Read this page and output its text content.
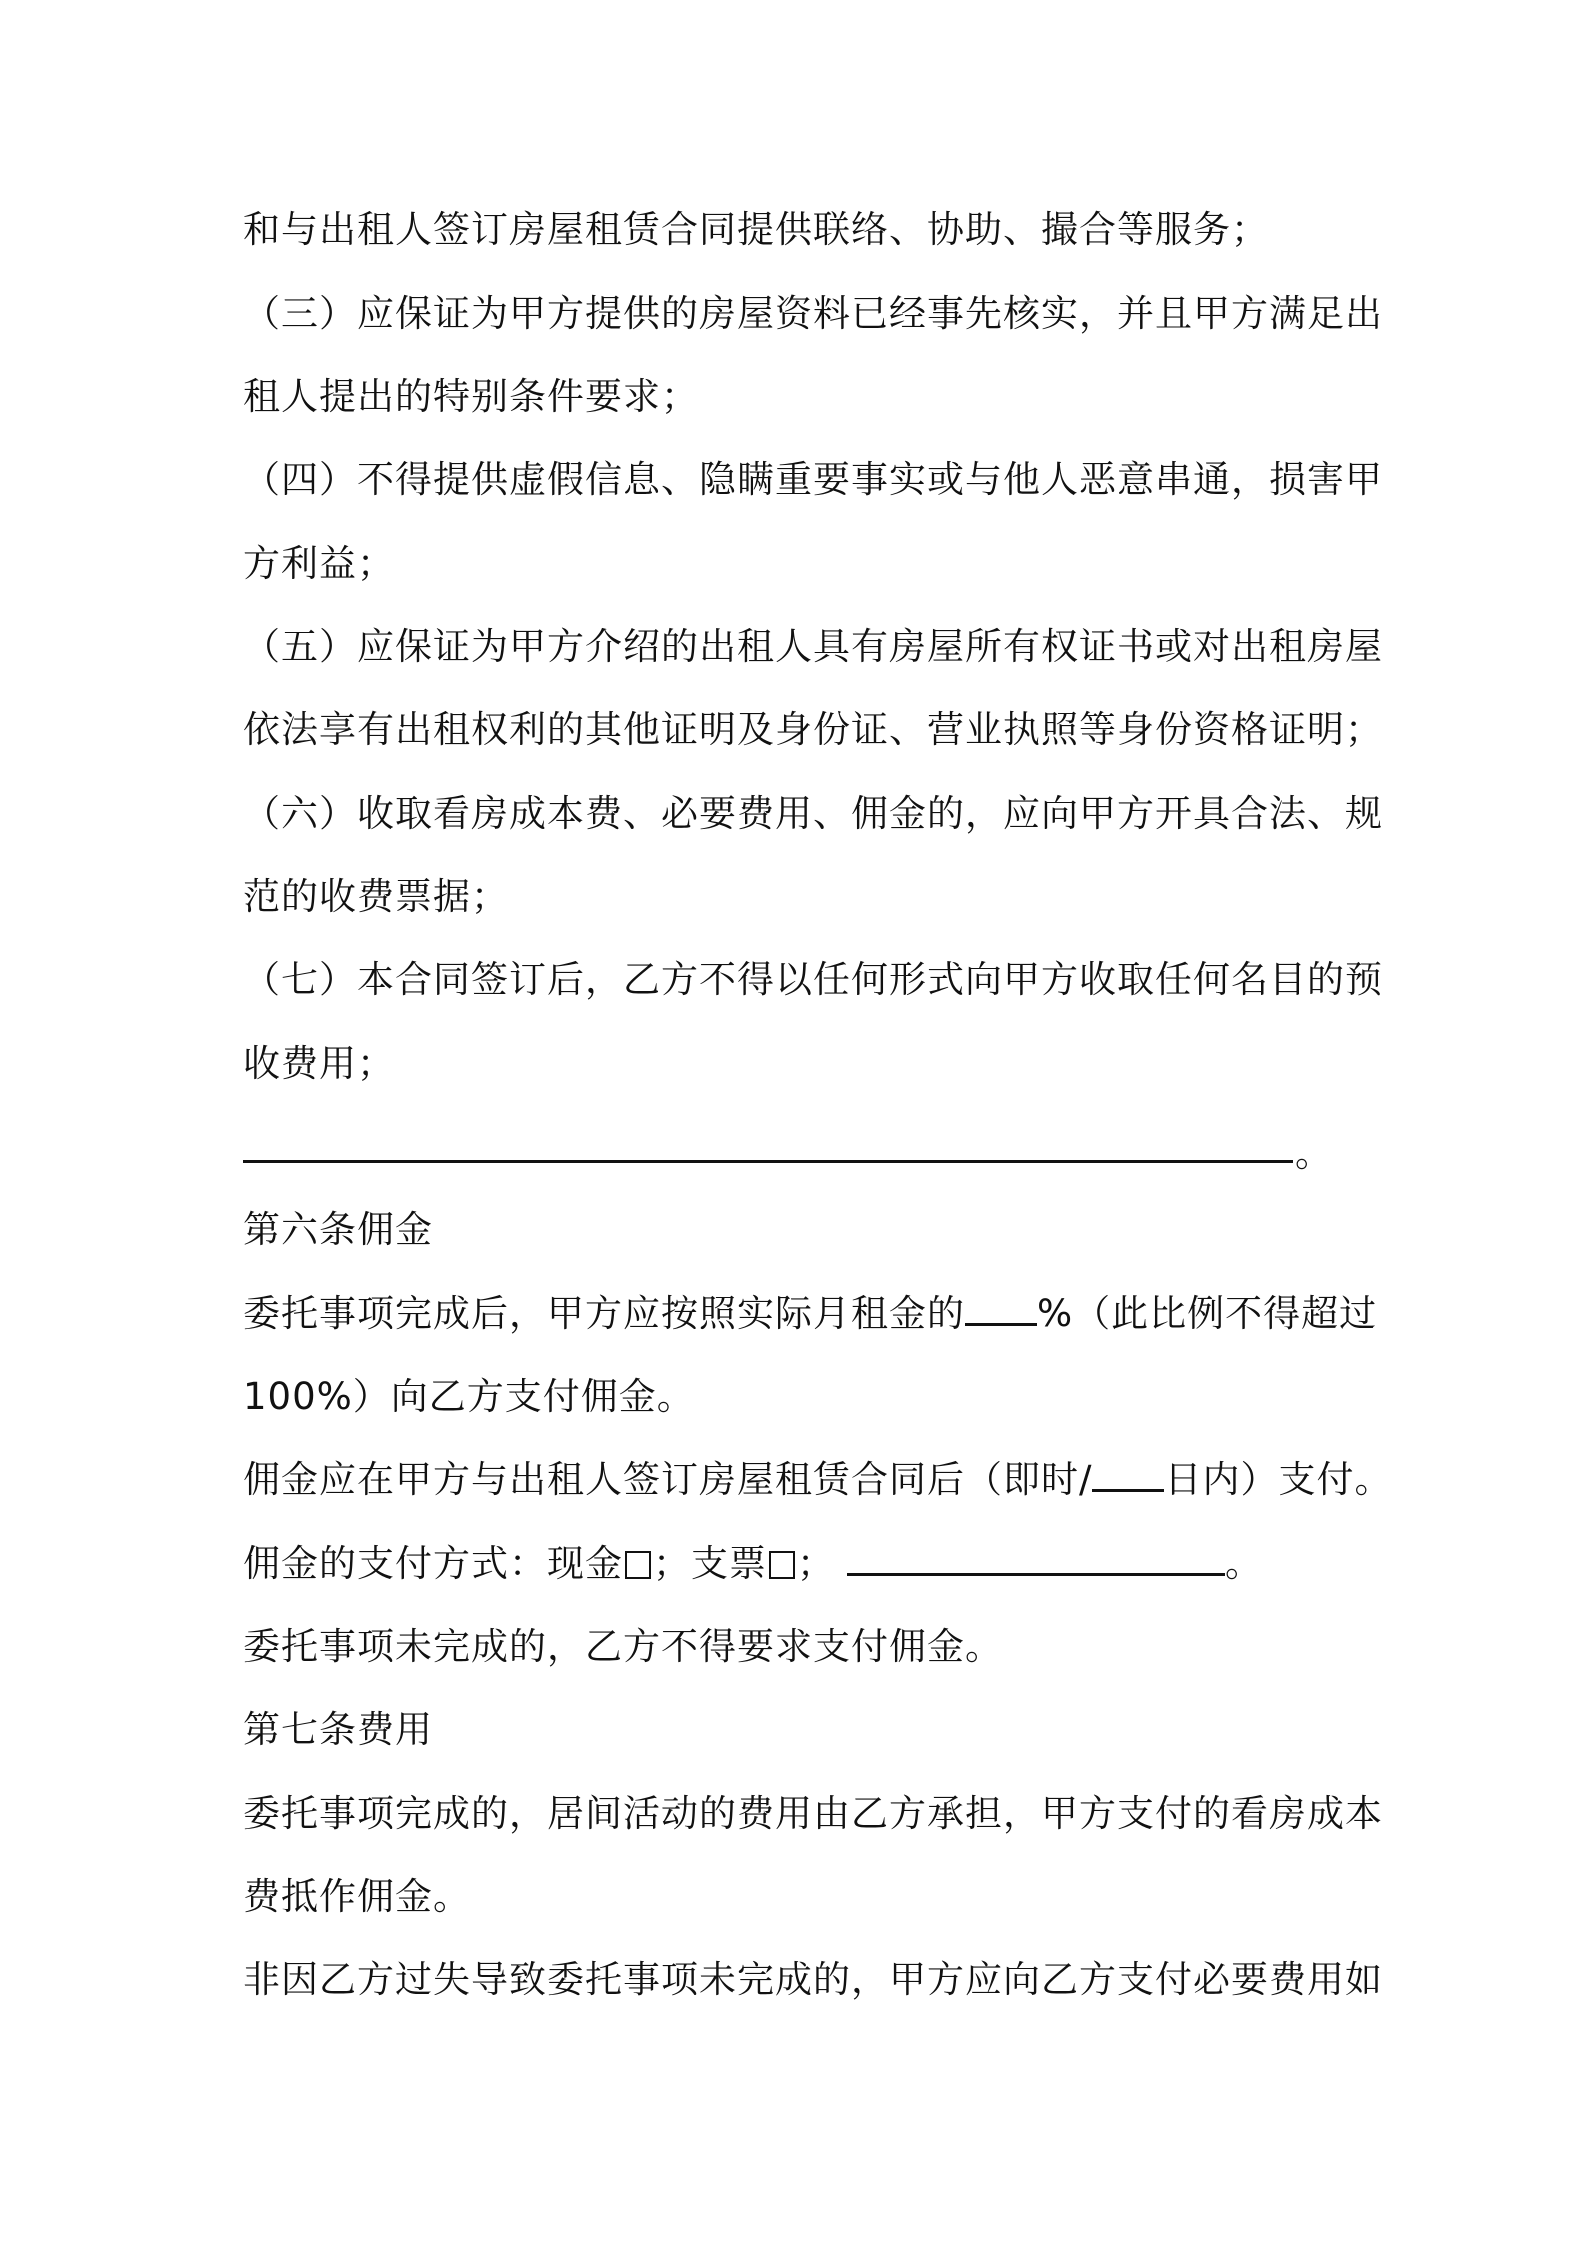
和与出租人签订房屋租赁合同提供联络、协助、撮合等服务；
（三）应保证为甲方提供的房屋资料已经事先核实，并且甲方满足出
租人提出的特别条件要求；
（四）不得提供虚假信息、隐瞒重要事实或与他人恶意串通，损害甲
方利益；
（五）应保证为甲方介绍的出租人具有房屋所有权证书或对出租房屋
依法享有出租权利的其他证明及身份证、营业执照等身份资格证明；
（六）收取看房成本费、必要费用、佣金的，应向甲方开具合法、规
范的收费票据；
（七）本合同签订后，乙方不得以任何形式向甲方收取任何名目的预
收费用；
。
第六条佣金
委托事项完成后，甲方应按照实际月租金的 %（此比例不得超过
100%）向乙方支付佣金。
佣金应在甲方与出租人签订房屋租赁合同后（即时/ 日内）支付。
佣金的支付方式：现金 ；支票 ；	。
委托事项未完成的，乙方不得要求支付佣金。
第七条费用
委托事项完成的，居间活动的费用由乙方承担，甲方支付的看房成本
费抵作佣金。
非因乙方过失导致委托事项未完成的，甲方应向乙方支付必要费用如
